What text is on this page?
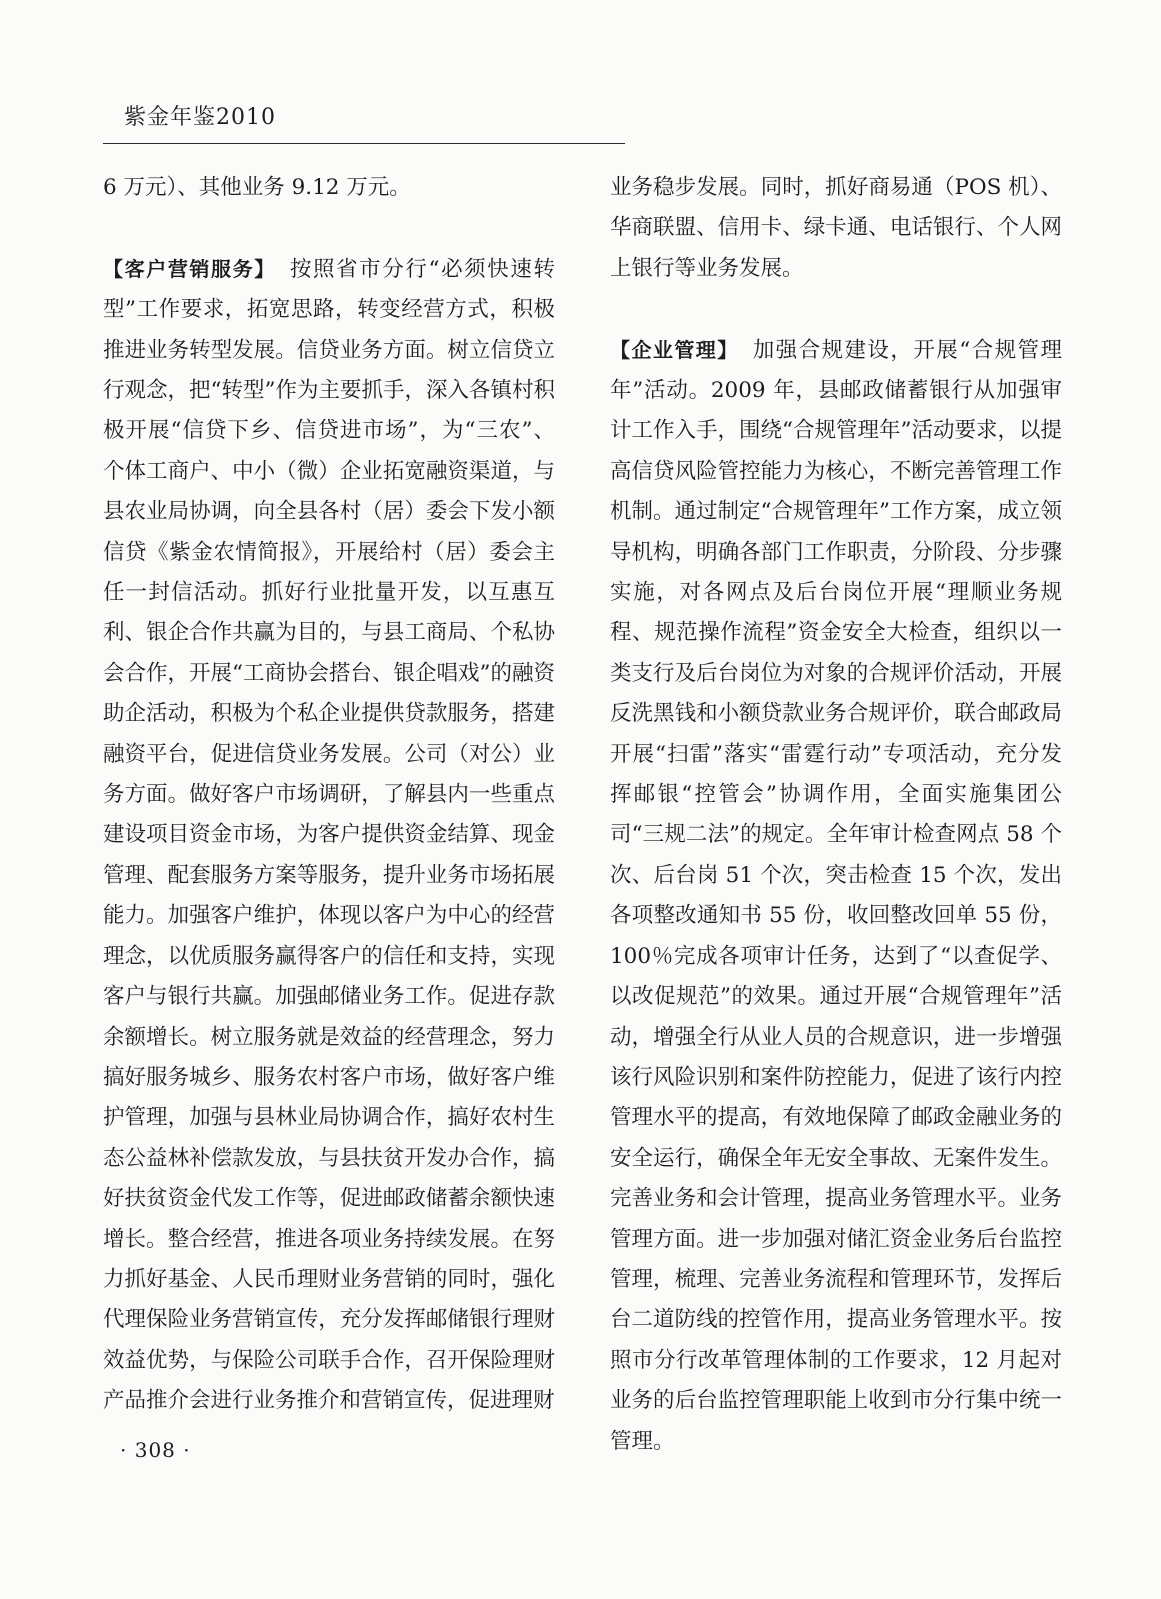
紫金年鉴2010

6 万元）、其他业务 9.12 万元。

【客户营销服务】 按照省市分行“必须快速转型”工作要求，拓宽思路，转变经营方式，积极推进业务转型发展。信贷业务方面。树立信贷立行观念，把“转型”作为主要抓手，深入各镇村积极开展“信贷下乡、信贷进市场”，为“三农”、个体工商户、中小（微）企业拓宽融资渠道，与县农业局协调，向全县各村（居）委会下发小额信贷《紫金农情简报》，开展给村（居）委会主任一封信活动。抓好行业批量开发，以互惠互利、银企合作共赢为目的，与县工商局、个私协会合作，开展“工商协会搭台、银企唱戏”的融资助企活动，积极为个私企业提供贷款服务，搭建融资平台，促进信贷业务发展。公司（对公）业务方面。做好客户市场调研，了解县内一些重点建设项目资金市场，为客户提供资金结算、现金管理、配套服务方案等服务，提升业务市场拓展能力。加强客户维护，体现以客户为中心的经营理念，以优质服务赢得客户的信任和支持，实现客户与银行共赢。加强邮储业务工作。促进存款余额增长。树立服务就是效益的经营理念，努力搞好服务城乡、服务农村客户市场，做好客户维护管理，加强与县林业局协调合作，搞好农村生态公益林补偿款发放，与县扶贫开发办合作，搞好扶贫资金代发工作等，促进邮政储蓄余额快速增长。整合经营，推进各项业务持续发展。在努力抓好基金、人民币理财业务营销的同时，强化代理保险业务营销宣传，充分发挥邮储银行理财效益优势，与保险公司联手合作，召开保险理财产品推介会进行业务推介和营销宣传，促进理财

业务稳步发展。同时，抓好商易通（POS 机）、华商联盟、信用卡、绿卡通、电话银行、个人网上银行等业务发展。

【企业管理】 加强合规建设，开展“合规管理年”活动。2009 年，县邮政储蓄银行从加强审计工作入手，围绕“合规管理年”活动要求，以提高信贷风险管控能力为核心，不断完善管理工作机制。通过制定“合规管理年”工作方案，成立领导机构，明确各部门工作职责，分阶段、分步骤实施，对各网点及后台岗位开展“理顺业务规程、规范操作流程”资金安全大检查，组织以一类支行及后台岗位为对象的合规评价活动，开展反洗黑钱和小额贷款业务合规评价，联合邮政局开展“扫雷”落实“雷霆行动”专项活动，充分发挥邮银“控管会”协调作用，全面实施集团公司“三规二法”的规定。全年审计检查网点 58 个次、后台岗 51 个次，突击检查 15 个次，发出各项整改通知书 55 份，收回整改回单 55 份，100％完成各项审计任务，达到了“以查促学、以改促规范”的效果。通过开展“合规管理年”活动，增强全行从业人员的合规意识，进一步增强该行风险识别和案件防控能力，促进了该行内控管理水平的提高，有效地保障了邮政金融业务的安全运行，确保全年无安全事故、无案件发生。完善业务和会计管理，提高业务管理水平。业务管理方面。进一步加强对储汇资金业务后台监控管理，梳理、完善业务流程和管理环节，发挥后台二道防线的控管作用，提高业务管理水平。按照市分行改革管理体制的工作要求，12 月起对业务的后台监控管理职能上收到市分行集中统一管理。

· 308 ·
